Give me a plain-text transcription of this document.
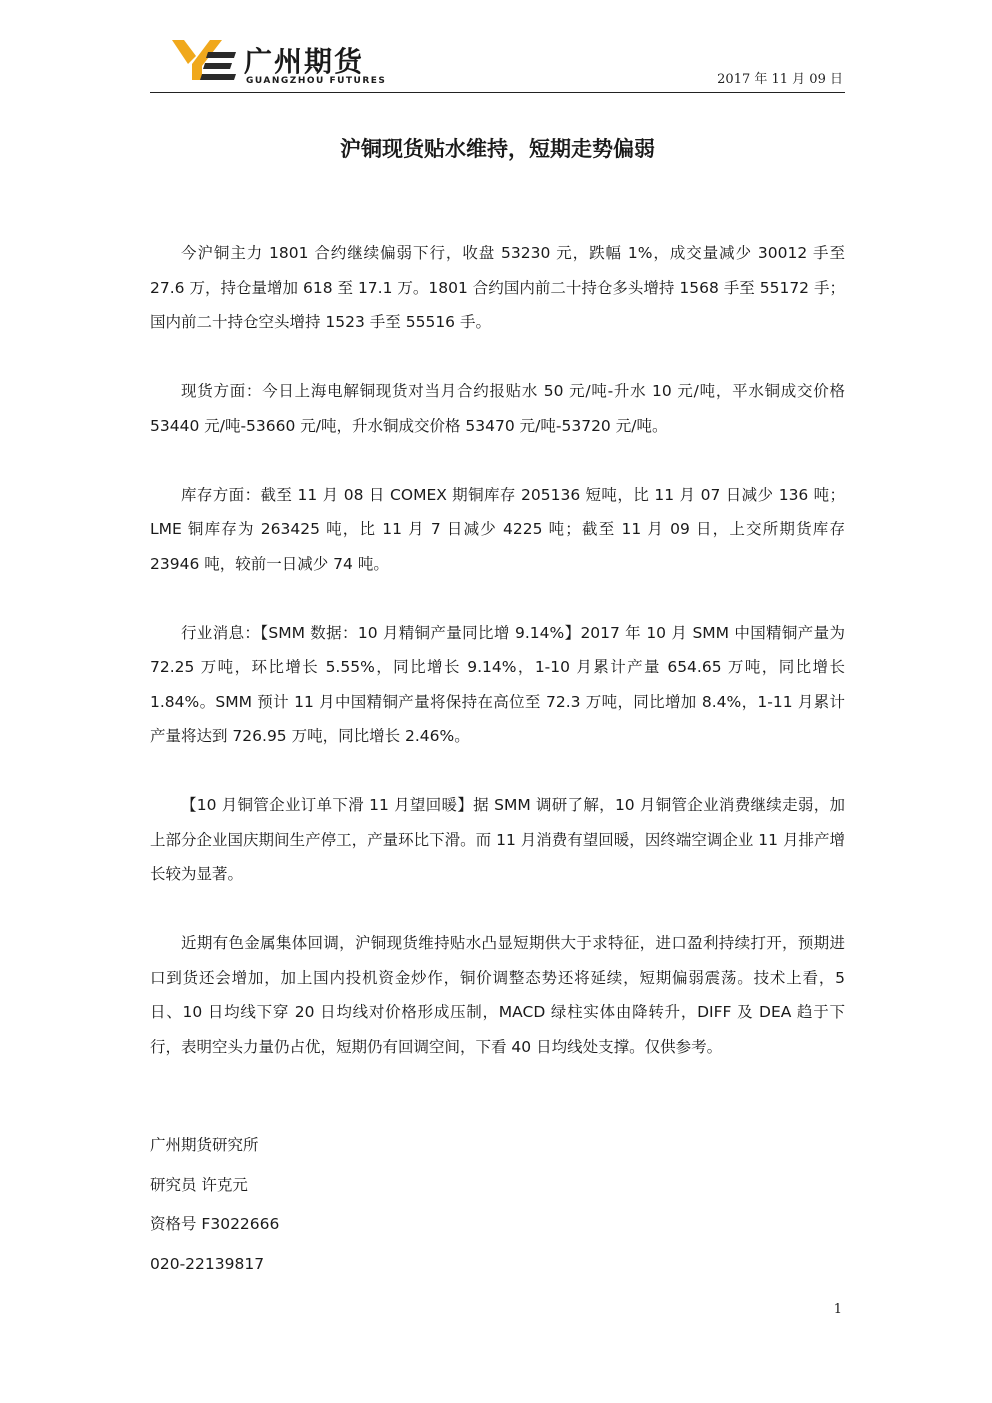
广州期货
GUANGZHOU FUTURES	2017 年 11 月 09 日
沪铜现货贴水维持，短期走势偏弱

今沪铜主力 1801 合约继续偏弱下行，收盘 53230 元，跌幅 1%，成交量减少 30012 手至 27.6 万，持仓量增加 618 至 17.1 万。1801 合约国内前二十持仓多头增持 1568 手至 55172 手；国内前二十持仓空头增持 1523 手至 55516 手。

现货方面：今日上海电解铜现货对当月合约报贴水 50 元/吨-升水 10 元/吨，平水铜成交价格 53440 元/吨-53660 元/吨，升水铜成交价格 53470 元/吨-53720 元/吨。

库存方面：截至 11 月 08 日 COMEX 期铜库存 205136 短吨，比 11 月 07 日减少 136 吨；LME 铜库存为 263425 吨，比 11 月 7 日减少 4225 吨；截至 11 月 09 日，上交所期货库存 23946 吨，较前一日减少 74 吨。

行业消息：【SMM 数据：10 月精铜产量同比增 9.14%】2017 年 10 月 SMM 中国精铜产量为 72.25 万吨，环比增长 5.55%，同比增长 9.14%，1-10 月累计产量 654.65 万吨，同比增长 1.84%。SMM 预计 11 月中国精铜产量将保持在高位至 72.3 万吨，同比增加 8.4%，1-11 月累计产量将达到 726.95 万吨，同比增长 2.46%。

【10 月铜管企业订单下滑 11 月望回暖】据 SMM 调研了解，10 月铜管企业消费继续走弱，加上部分企业国庆期间生产停工，产量环比下滑。而 11 月消费有望回暖，因终端空调企业 11 月排产增长较为显著。

近期有色金属集体回调，沪铜现货维持贴水凸显短期供大于求特征，进口盈利持续打开，预期进口到货还会增加，加上国内投机资金炒作，铜价调整态势还将延续，短期偏弱震荡。技术上看，5 日、10 日均线下穿 20 日均线对价格形成压制，MACD 绿柱实体由降转升，DIFF 及 DEA 趋于下行，表明空头力量仍占优，短期仍有回调空间，下看 40 日均线处支撑。仅供参考。

广州期货研究所
研究员 许克元
资格号 F3022666
020-22139817
1
